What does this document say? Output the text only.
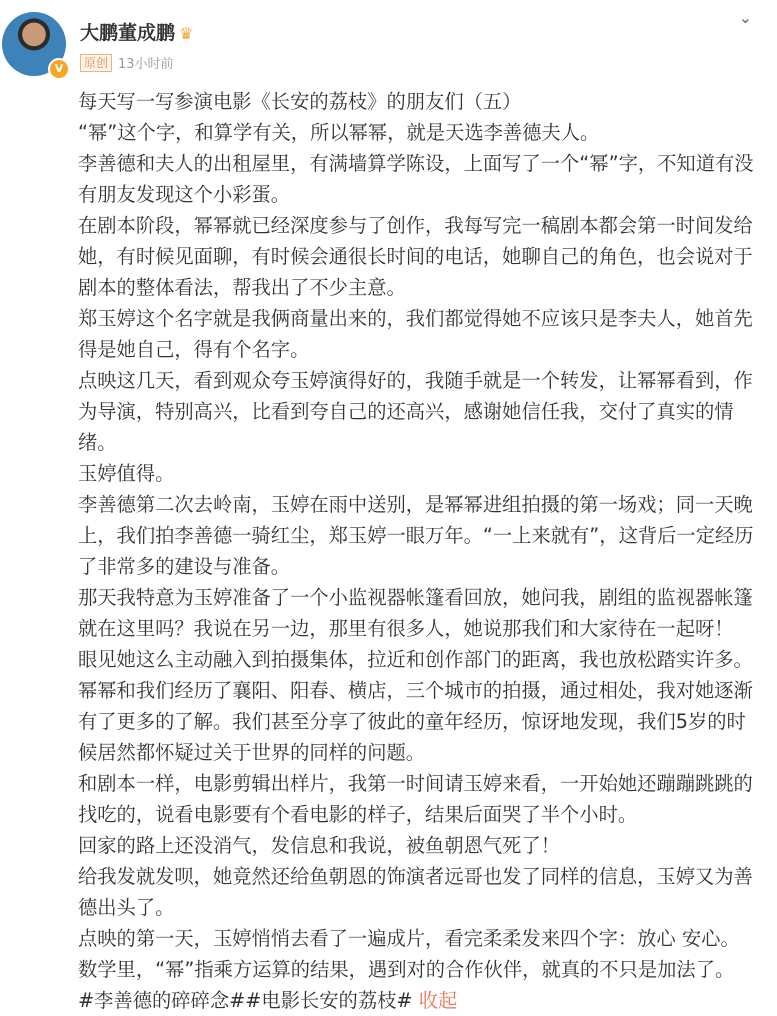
V
大鹏董成鹏 ♛
原创 13小时前
⌄

每天写一写参演电影《长安的荔枝》的朋友们（五）

“幂”这个字，和算学有关，所以幂幂，就是天选李善德夫人。

李善德和夫人的出租屋里，有满墙算学陈设，上面写了一个“幂”字，不知道有没有朋友发现这个小彩蛋。

在剧本阶段，幂幂就已经深度参与了创作，我每写完一稿剧本都会第一时间发给她，有时候见面聊，有时候会通很长时间的电话，她聊自己的角色，也会说对于剧本的整体看法，帮我出了不少主意。

郑玉婷这个名字就是我俩商量出来的，我们都觉得她不应该只是李夫人，她首先得是她自己，得有个名字。

点映这几天，看到观众夸玉婷演得好的，我随手就是一个转发，让幂幂看到，作为导演，特别高兴，比看到夸自己的还高兴，感谢她信任我，交付了真实的情绪。

玉婷值得。

李善德第二次去岭南，玉婷在雨中送别，是幂幂进组拍摄的第一场戏；同一天晚上，我们拍李善德一骑红尘，郑玉婷一眼万年。“一上来就有”，这背后一定经历了非常多的建设与准备。

那天我特意为玉婷准备了一个小监视器帐篷看回放，她问我，剧组的监视器帐篷就在这里吗？我说在另一边，那里有很多人，她说那我们和大家待在一起呀！

眼见她这么主动融入到拍摄集体，拉近和创作部门的距离，我也放松踏实许多。

幂幂和我们经历了襄阳、阳春、横店，三个城市的拍摄，通过相处，我对她逐渐有了更多的了解。我们甚至分享了彼此的童年经历，惊讶地发现，我们5岁的时候居然都怀疑过关于世界的同样的问题。

和剧本一样，电影剪辑出样片，我第一时间请玉婷来看，一开始她还蹦蹦跳跳的找吃的，说看电影要有个看电影的样子，结果后面哭了半个小时。

回家的路上还没消气，发信息和我说，被鱼朝恩气死了！

给我发就发呗，她竟然还给鱼朝恩的饰演者远哥也发了同样的信息，玉婷又为善德出头了。

点映的第一天，玉婷悄悄去看了一遍成片，看完柔柔发来四个字：放心 安心。

数学里，“幂”指乘方运算的结果，遇到对的合作伙伴，就真的不只是加法了。

#李善德的碎碎念##电影长安的荔枝# 收起
